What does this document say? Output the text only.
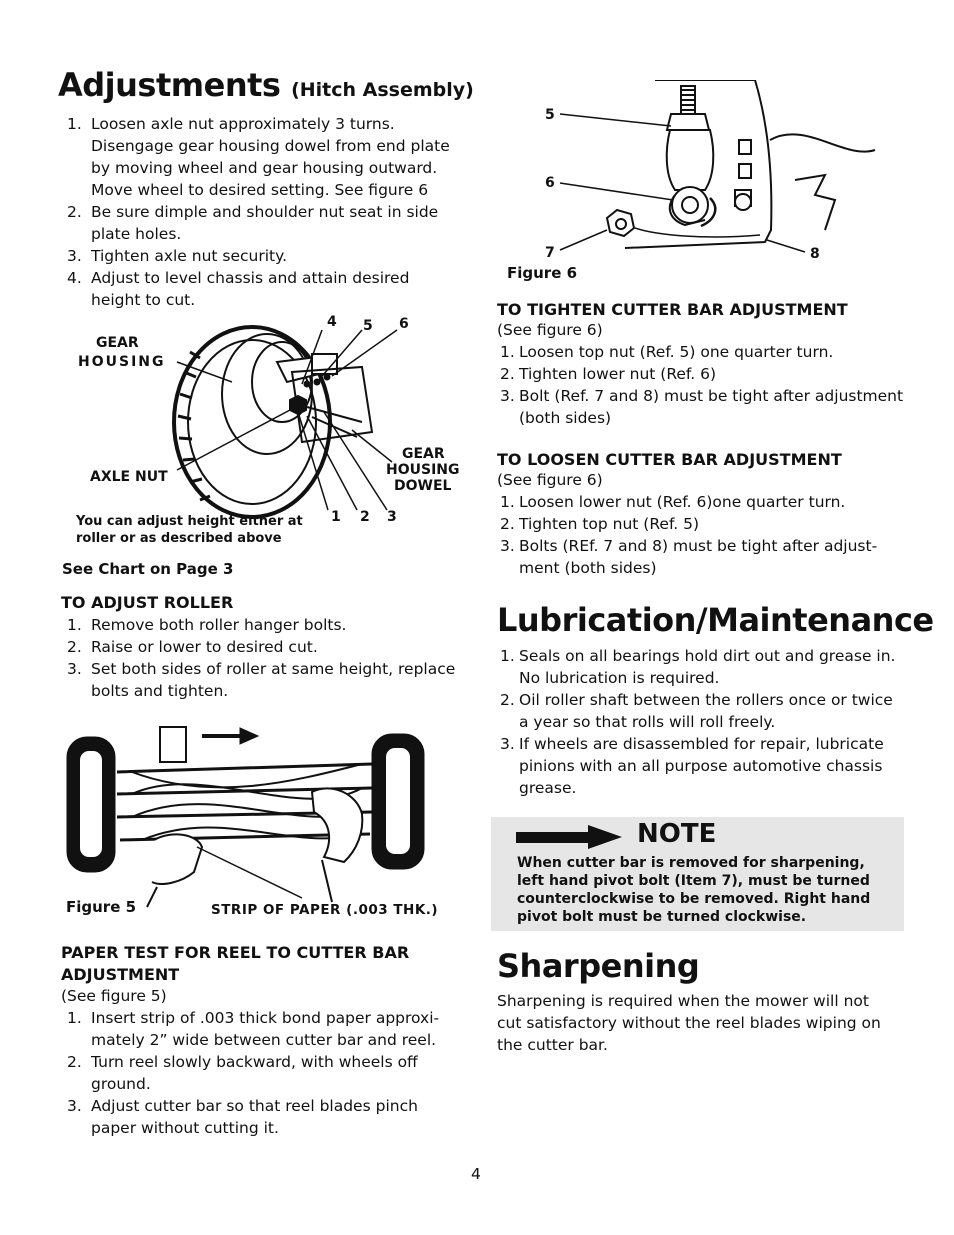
Adjustments (Hitch Assembly)
1. Loosen axle nut approximately 3 turns. Disengage gear housing dowel from end plate by moving wheel and gear housing outward. Move wheel to desired setting. See figure 6
2. Be sure dimple and shoulder nut seat in side plate holes.
3. Tighten axle nut security.
4. Adjust to level chassis and attain desired height to cut.
GEAR
HOUSING
AXLE NUT
GEAR
HOUSING
DOWEL
4 5 6
1 2 3
You can adjust height either at
roller or as described above
See Chart on Page 3
TO ADJUST ROLLER
1. Remove both roller hanger bolts.
2. Raise or lower to desired cut.
3. Set both sides of roller at same height, replace bolts and tighten.
Figure 5	STRIP OF PAPER (.003 THK.)
PAPER TEST FOR REEL TO CUTTER BAR
ADJUSTMENT
(See figure 5)
1. Insert strip of .003 thick bond paper approxi- mately 2” wide between cutter bar and reel.
2. Turn reel slowly backward, with wheels off ground.
3. Adjust cutter bar so that reel blades pinch paper without cutting it.
5
6
7	8
Figure 6
TO TIGHTEN CUTTER BAR ADJUSTMENT
(See figure 6)
1. Loosen top nut (Ref. 5) one quarter turn.
2. Tighten lower nut (Ref. 6)
3. Bolt (Ref. 7 and 8) must be tight after adjustment (both sides)
TO LOOSEN CUTTER BAR ADJUSTMENT
(See figure 6)
1. Loosen lower nut (Ref. 6)one quarter turn.
2. Tighten top nut (Ref. 5)
3. Bolts (REf. 7 and 8) must be tight after adjust- ment (both sides)
Lubrication/Maintenance
1. Seals on all bearings hold dirt out and grease in. No lubrication is required.
2. Oil roller shaft between the rollers once or twice a year so that rolls will roll freely.
3. If wheels are disassembled for repair, lubricate pinions with an all purpose automotive chassis grease.
NOTE
When cutter bar is removed for sharpening,
left hand pivot bolt (Item 7), must be turned
counterclockwise to be removed. Right hand
pivot bolt must be turned clockwise.
Sharpening
Sharpening is required when the mower will not cut satisfactory without the reel blades wiping on the cutter bar.
4
